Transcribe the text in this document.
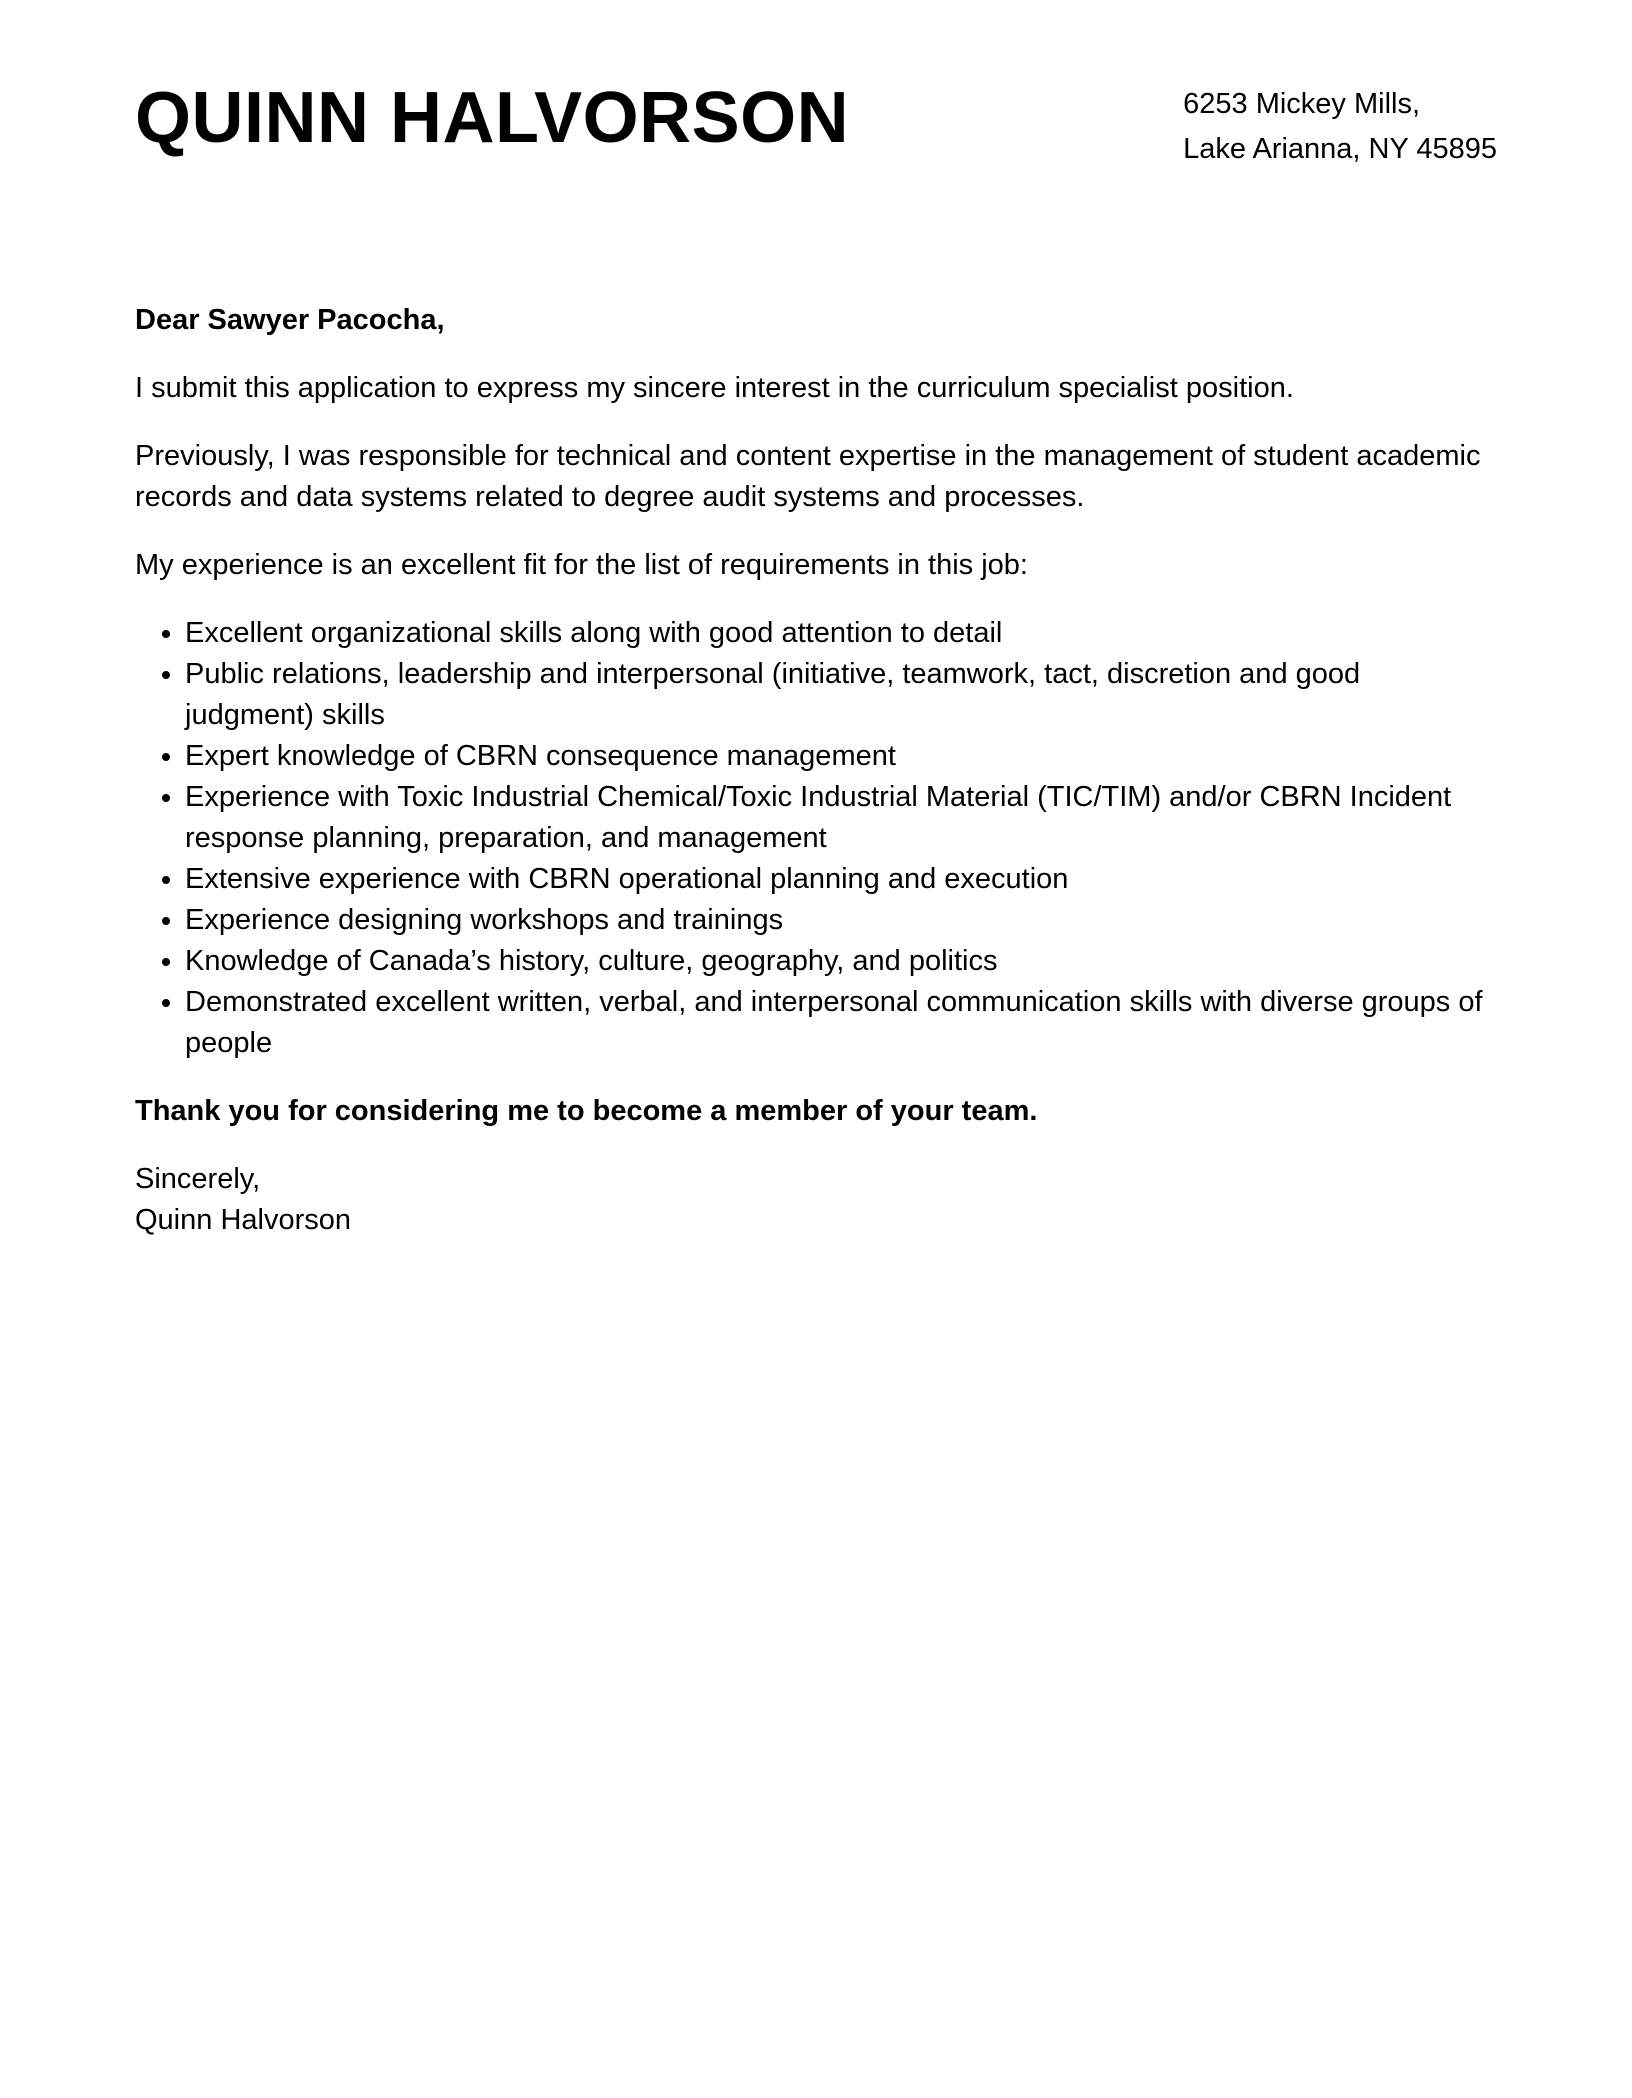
QUINN HALVORSON	6253 Mickey Mills,
Lake Arianna, NY 45895

Dear Sawyer Pacocha,

I submit this application to express my sincere interest in the curriculum specialist position.

Previously, I was responsible for technical and content expertise in the management of student academic records and data systems related to degree audit systems and processes.

My experience is an excellent fit for the list of requirements in this job:

• Excellent organizational skills along with good attention to detail
• Public relations, leadership and interpersonal (initiative, teamwork, tact, discretion and good judgment) skills
• Expert knowledge of CBRN consequence management
• Experience with Toxic Industrial Chemical/Toxic Industrial Material (TIC/TIM) and/or CBRN Incident response planning, preparation, and management
• Extensive experience with CBRN operational planning and execution
• Experience designing workshops and trainings
• Knowledge of Canada’s history, culture, geography, and politics
• Demonstrated excellent written, verbal, and interpersonal communication skills with diverse groups of people

Thank you for considering me to become a member of your team.

Sincerely,
Quinn Halvorson
